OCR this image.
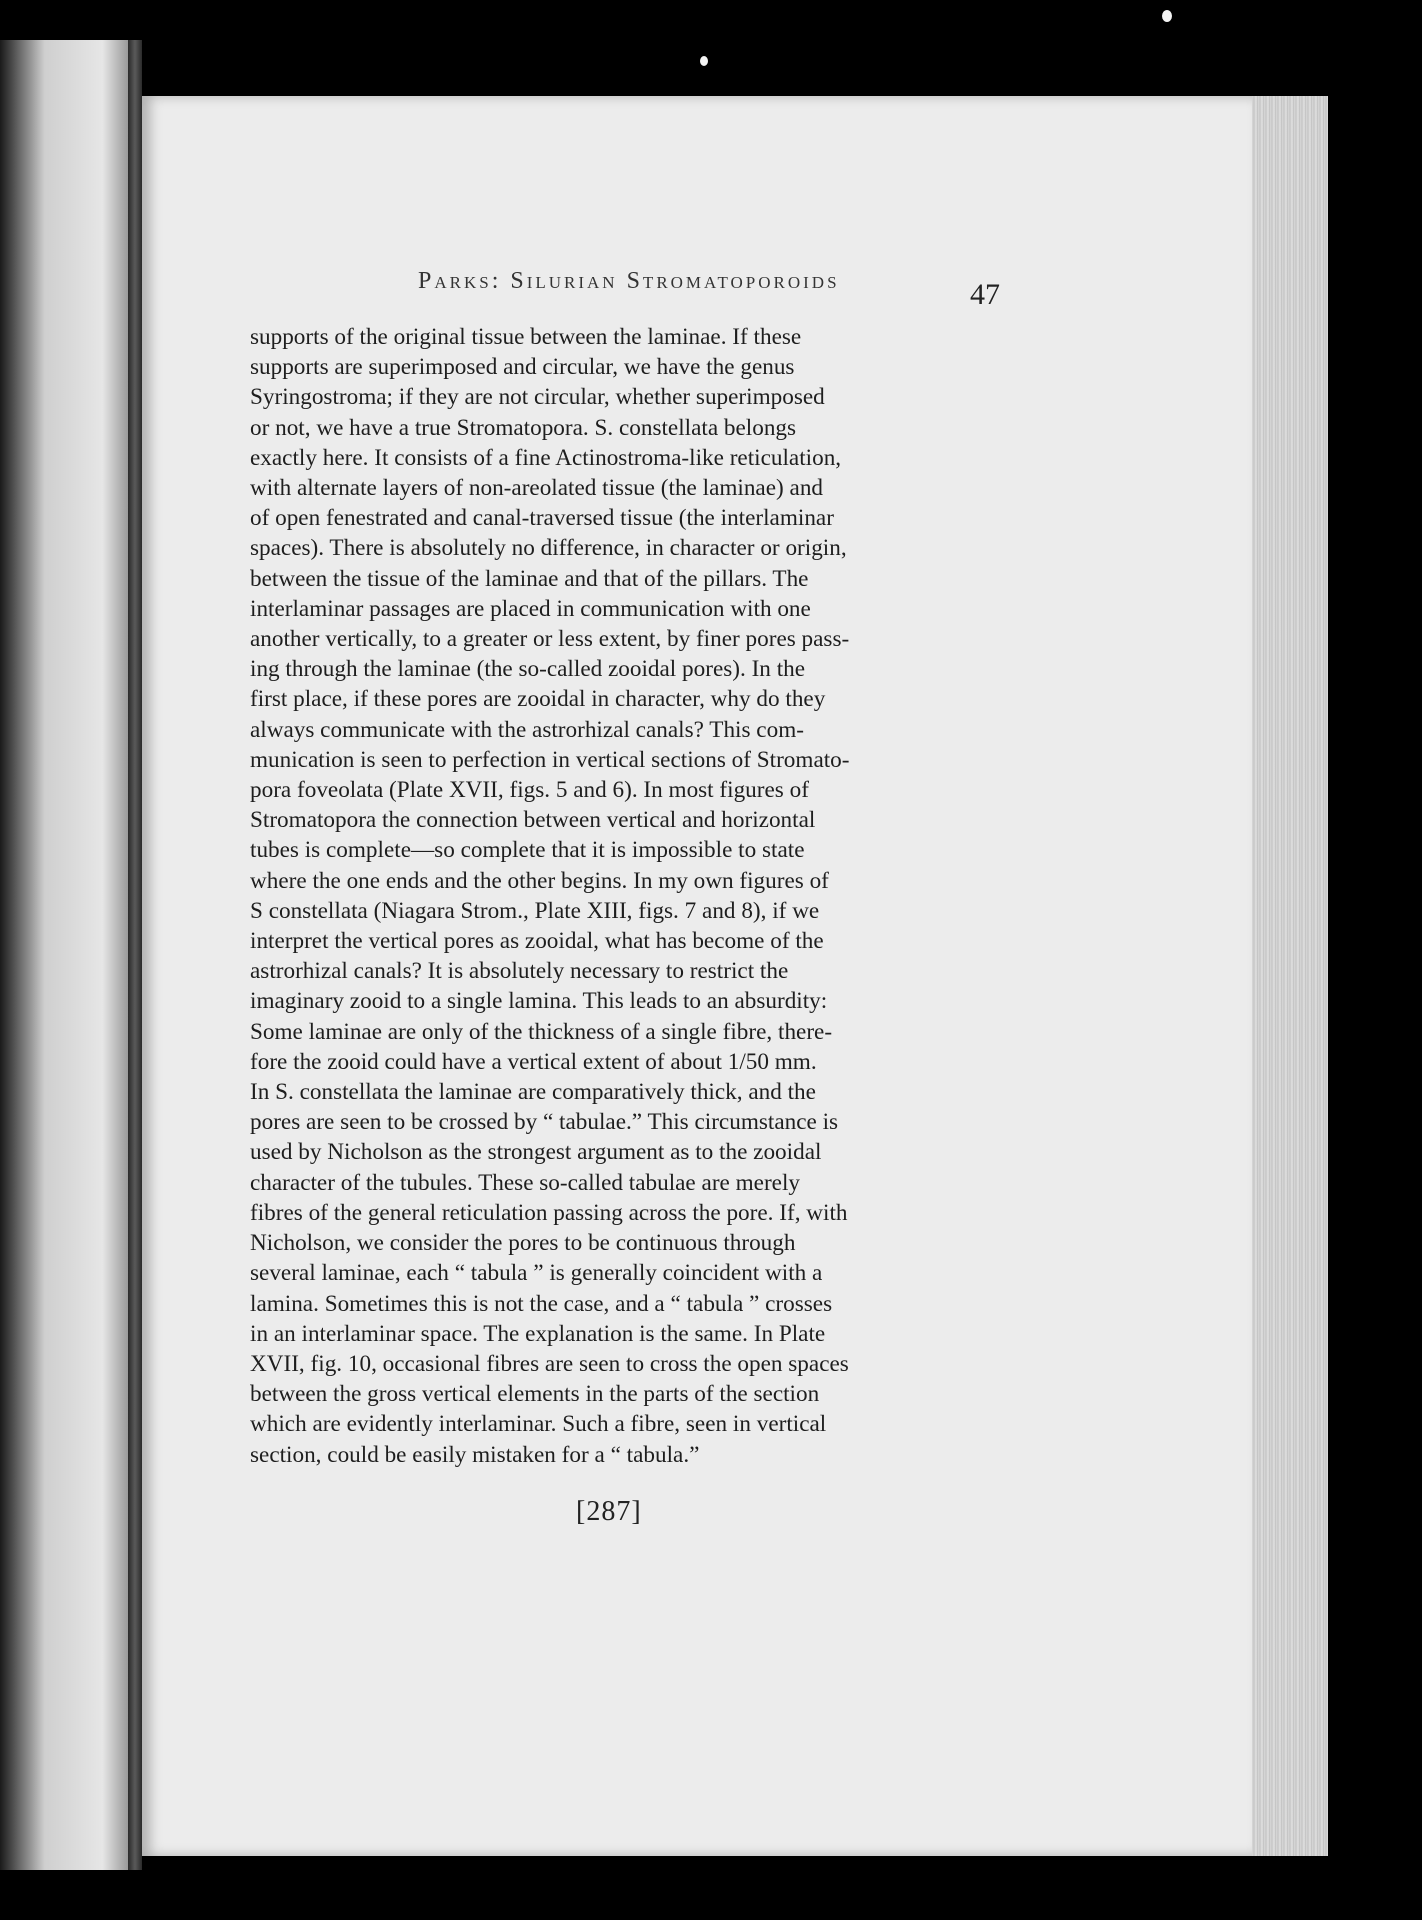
Parks: Silurian Stromatoporoids	47
supports of the original tissue between the laminae. If these
supports are superimposed and circular, we have the genus
Syringostroma; if they are not circular, whether superimposed
or not, we have a true Stromatopora. S. constellata belongs
exactly here. It consists of a fine Actinostroma-like reticulation,
with alternate layers of non-areolated tissue (the laminae) and
of open fenestrated and canal-traversed tissue (the interlaminar
spaces). There is absolutely no difference, in character or origin,
between the tissue of the laminae and that of the pillars. The
interlaminar passages are placed in communication with one
another vertically, to a greater or less extent, by finer pores pass-
ing through the laminae (the so-called zooidal pores). In the
first place, if these pores are zooidal in character, why do they
always communicate with the astrorhizal canals? This com-
munication is seen to perfection in vertical sections of Stromato-
pora foveolata (Plate XVII, figs. 5 and 6). In most figures of
Stromatopora the connection between vertical and horizontal
tubes is complete—so complete that it is impossible to state
where the one ends and the other begins. In my own figures of
S constellata (Niagara Strom., Plate XIII, figs. 7 and 8), if we
interpret the vertical pores as zooidal, what has become of the
astrorhizal canals? It is absolutely necessary to restrict the
imaginary zooid to a single lamina. This leads to an absurdity:
Some laminae are only of the thickness of a single fibre, there-
fore the zooid could have a vertical extent of about 1/50 mm.
In S. constellata the laminae are comparatively thick, and the
pores are seen to be crossed by “ tabulae.” This circumstance is
used by Nicholson as the strongest argument as to the zooidal
character of the tubules. These so-called tabulae are merely
fibres of the general reticulation passing across the pore. If, with
Nicholson, we consider the pores to be continuous through
several laminae, each “ tabula ” is generally coincident with a
lamina. Sometimes this is not the case, and a “ tabula ” crosses
in an interlaminar space. The explanation is the same. In Plate
XVII, fig. 10, occasional fibres are seen to cross the open spaces
between the gross vertical elements in the parts of the section
which are evidently interlaminar. Such a fibre, seen in vertical
section, could be easily mistaken for a “ tabula.”
[287]
